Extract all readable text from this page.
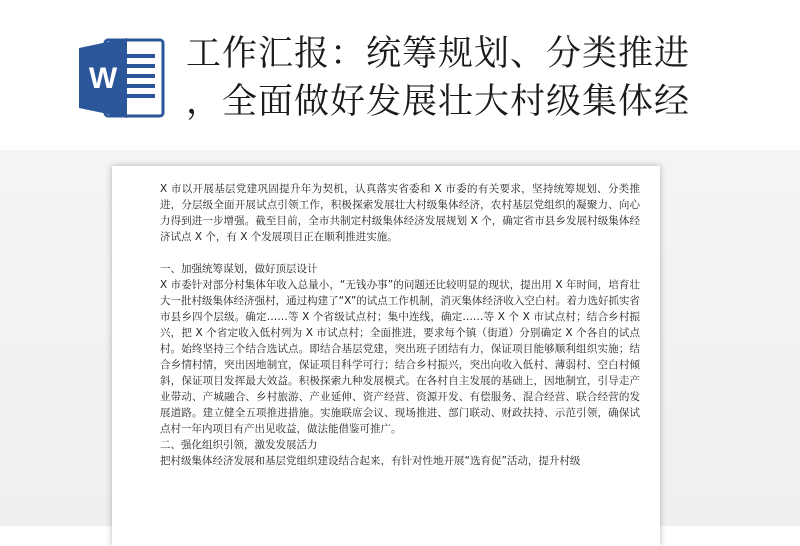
W
工作汇报：统筹规划、分类推进
，全面做好发展壮大村级集体经

X 市以开展基层党建巩固提升年为契机，认真落实省委和 X 市委的有关要求，坚持统筹规划、分类推进，分层级全面开展试点引领工作，积极探索发展壮大村级集体经济，农村基层党组织的凝聚力、向心力得到进一步增强。截至目前，全市共制定村级集体经济发展规划 X 个，确定省市县乡发展村级集体经济试点 X 个，有 X 个发展项目正在顺利推进实施。

一、加强统筹谋划，做好顶层设计

X 市委针对部分村集体年收入总量小，“无钱办事”的问题还比较明显的现状，提出用 X 年时间，培育壮大一批村级集体经济强村，通过构建了“X”的试点工作机制，消灭集体经济收入空白村。着力选好抓实省市县乡四个层级。确定……等 X 个省级试点村；集中连线，确定……等 X 个 X 市试点村；结合乡村振兴，把 X 个省定收入低村列为 X 市试点村；全面推进，要求每个镇（街道）分别确定 X 个各自的试点村。始终坚持三个结合选试点。即结合基层党建，突出班子团结有力，保证项目能够顺利组织实施；结合乡情村情，突出因地制宜，保证项目科学可行；结合乡村振兴，突出向收入低村、薄弱村、空白村倾斜，保证项目发挥最大效益。积极探索九种发展模式。在各村自主发展的基础上，因地制宜，引导走产业带动、产城融合、乡村旅游、产业延伸、资产经营、资源开发、有偿服务、混合经营、联合经营的发展道路。建立健全五项推进措施。实施联席会议、现场推进、部门联动、财政扶持、示范引领，确保试点村一年内项目有产出见收益，做法能借鉴可推广。

二、强化组织引领，激发发展活力

把村级集体经济发展和基层党组织建设结合起来，有针对性地开展“选育促”活动，提升村级
